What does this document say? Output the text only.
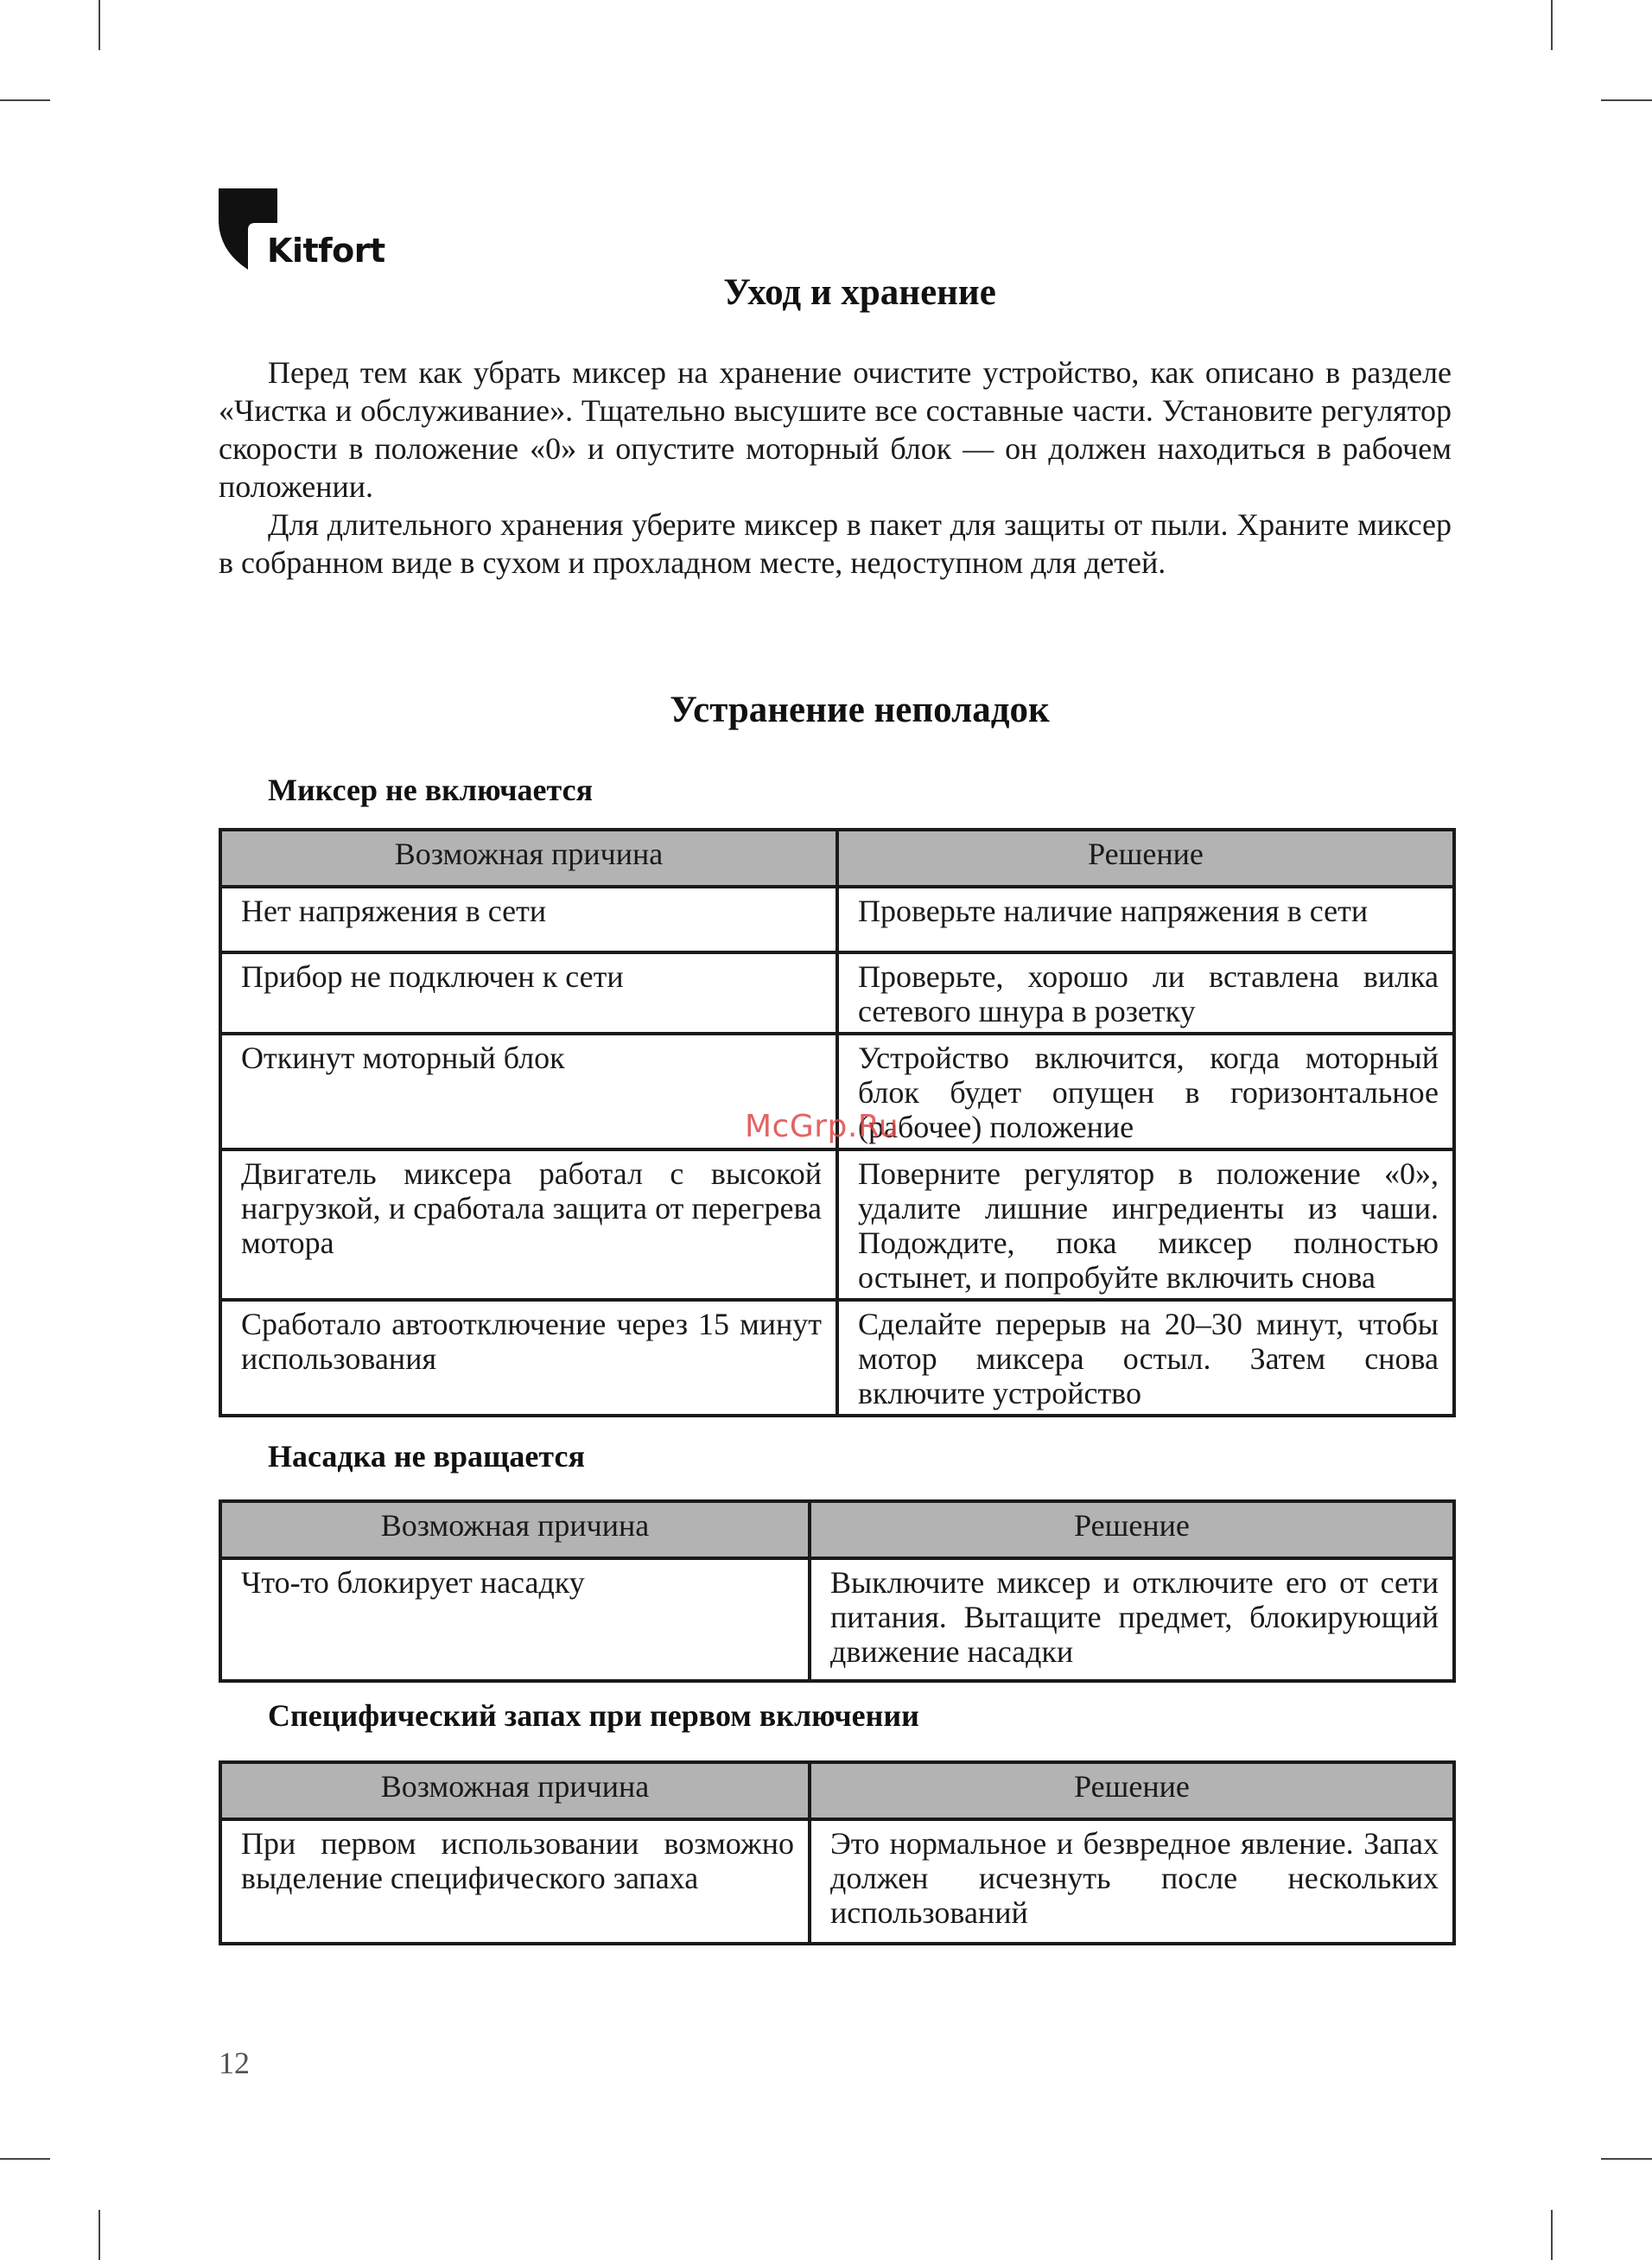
Kitfort
Уход и хранение

Перед тем как убрать миксер на хранение очистите устройство, как описано в разделе «Чистка и обслуживание». Тщательно высушите все составные части. Установите регулятор скорости в положение «0» и опустите моторный блок — он должен находиться в рабочем положении.

Для длительного хранения уберите миксер в пакет для защиты от пыли. Храните миксер в собранном виде в сухом и прохладном месте, недоступном для детей.

Устранение неполадок
Миксер не включается
Возможная причина	Решение
Нет напряжения в сети	Проверьте наличие напряжения в сети
Прибор не подключен к сети	Проверьте, хорошо ли вставлена вилка сетевого шнура в розетку
Откинут моторный блок	Устройство включится, когда моторный блок будет опущен в горизонтальное (рабочее) положение
Двигатель миксера работал с высокой нагрузкой, и сработала защита от перегрева мотора	Поверните регулятор в положение «0», удалите лишние ингредиенты из чаши. Подождите, пока миксер полностью остынет, и попробуйте включить снова
Сработало автоотключение через 15 минут использования	Сделайте перерыв на 20–30 минут, чтобы мотор миксера остыл. Затем снова включите устройство
Насадка не вращается
Возможная причина	Решение
Что-то блокирует насадку	Выключите миксер и отключите его от сети питания. Вытащите предмет, блокирующий движение насадки
Специфический запах при первом включении
Возможная причина	Решение
При первом использовании возможно выделение специфического запаха	Это нормальное и безвредное явление. Запах должен исчезнуть после нескольких использований
McGrp.Ru
12
